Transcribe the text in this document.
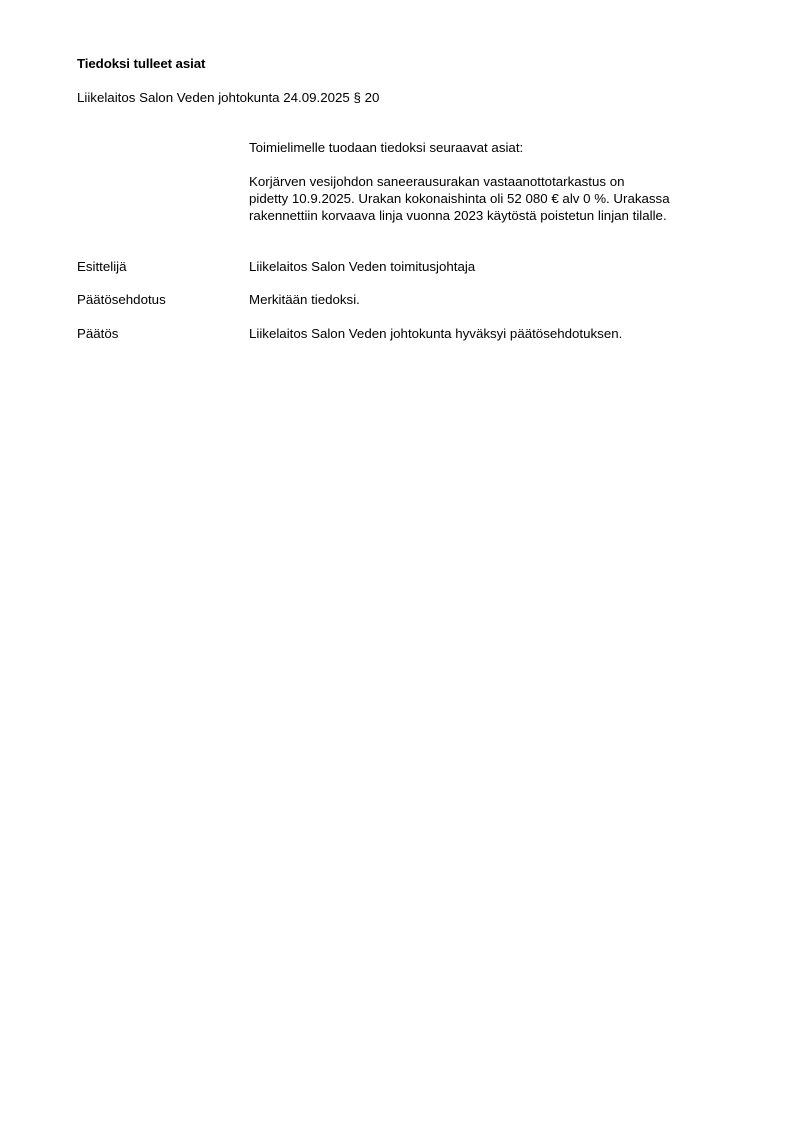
Tiedoksi tulleet asiat
Liikelaitos Salon Veden johtokunta 24.09.2025 § 20
Toimielimelle tuodaan tiedoksi seuraavat asiat:
Korjärven vesijohdon saneerausurakan vastaanottotarkastus on
pidetty 10.9.2025. Urakan kokonaishinta oli 52 080 € alv 0 %. Urakassa
rakennettiin korvaava linja vuonna 2023 käytöstä poistetun linjan tilalle.
Esittelijä	Liikelaitos Salon Veden toimitusjohtaja
Päätösehdotus	Merkitään tiedoksi.
Päätös	Liikelaitos Salon Veden johtokunta hyväksyi päätösehdotuksen.
